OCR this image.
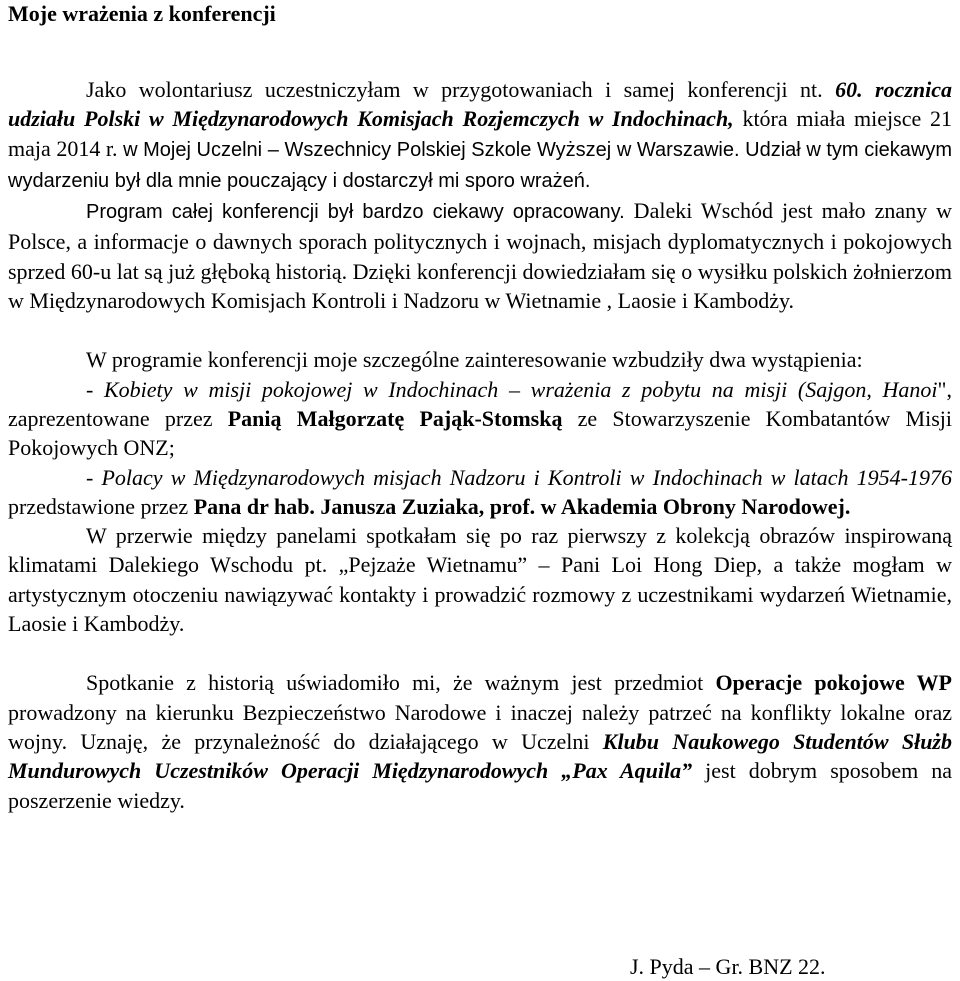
Moje wrażenia z konferencji

Jako wolontariusz uczestniczyłam w przygotowaniach i samej konferencji nt. 60. rocznica udziału Polski w Międzynarodowych Komisjach Rozjemczych w Indochinach, która miała miejsce 21 maja 2014 r. w Mojej Uczelni – Wszechnicy Polskiej Szkole Wyższej w Warszawie. Udział w tym ciekawym wydarzeniu był dla mnie pouczający i dostarczył mi sporo wrażeń.

Program całej konferencji był bardzo ciekawy opracowany. Daleki Wschód jest mało znany w Polsce, a informacje o dawnych sporach politycznych i wojnach, misjach dyplomatycznych i pokojowych sprzed 60-u lat są już głęboką historią. Dzięki konferencji dowiedziałam się o wysiłku polskich żołnierzom w Międzynarodowych Komisjach Kontroli i Nadzoru w Wietnamie , Laosie i Kambodży.

W programie konferencji moje szczególne zainteresowanie wzbudziły dwa wystąpienia:

- Kobiety w misji pokojowej w Indochinach – wrażenia z pobytu na misji (Sajgon, Hanoi", zaprezentowane przez Panią Małgorzatę Pająk-Stomską ze Stowarzyszenie Kombatantów Misji Pokojowych ONZ;

- Polacy w Międzynarodowych misjach Nadzoru i Kontroli w Indochinach w latach 1954-1976 przedstawione przez Pana dr hab. Janusza Zuziaka, prof. w Akademia Obrony Narodowej.

W przerwie między panelami spotkałam się po raz pierwszy z kolekcją obrazów inspirowaną klimatami Dalekiego Wschodu pt. „Pejzaże Wietnamu” – Pani Loi Hong Diep, a także mogłam w artystycznym otoczeniu nawiązywać kontakty i prowadzić rozmowy z uczestnikami wydarzeń Wietnamie, Laosie i Kambodży.

Spotkanie z historią uświadomiło mi, że ważnym jest przedmiot Operacje pokojowe WP prowadzony na kierunku Bezpieczeństwo Narodowe i inaczej należy patrzeć na konflikty lokalne oraz wojny. Uznaję, że przynależność do działającego w Uczelni Klubu Naukowego Studentów Służb Mundurowych Uczestników Operacji Międzynarodowych „Pax Aquila” jest dobrym sposobem na poszerzenie wiedzy.

J. Pyda – Gr. BNZ 22.
